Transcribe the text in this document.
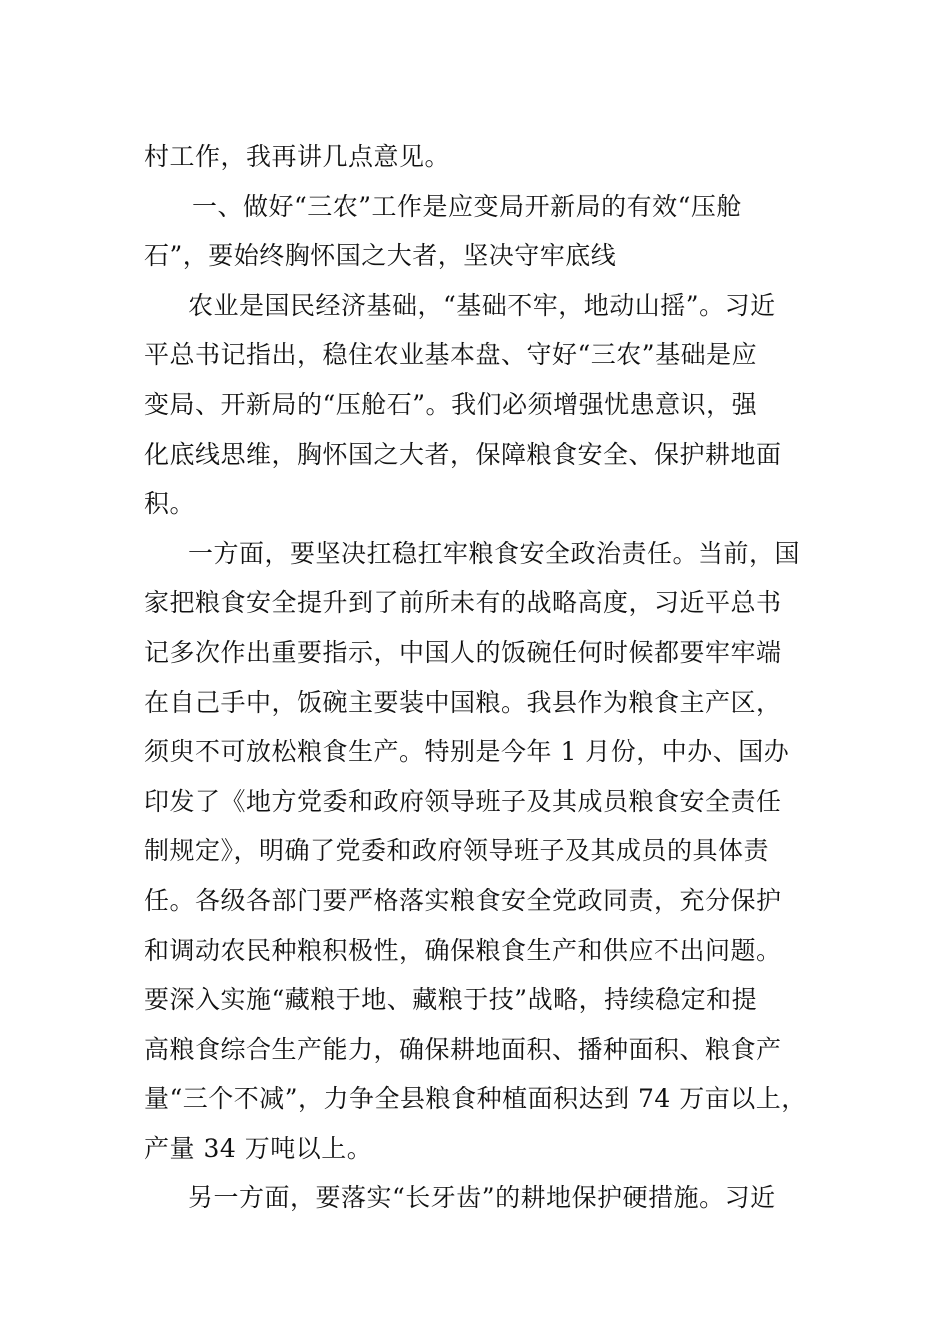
村工作，我再讲几点意见。
一、做好“三农”工作是应变局开新局的有效“压舱
石”，要始终胸怀国之大者，坚决守牢底线
农业是国民经济基础，“基础不牢，地动山摇”。习近
平总书记指出，稳住农业基本盘、守好“三农”基础是应
变局、开新局的“压舱石”。我们必须增强忧患意识，强
化底线思维，胸怀国之大者，保障粮食安全、保护耕地面
积。
一方面，要坚决扛稳扛牢粮食安全政治责任。当前，国
家把粮食安全提升到了前所未有的战略高度，习近平总书
记多次作出重要指示，中国人的饭碗任何时候都要牢牢端
在自己手中，饭碗主要装中国粮。我县作为粮食主产区，
须臾不可放松粮食生产。特别是今年 1 月份，中办、国办
印发了《地方党委和政府领导班子及其成员粮食安全责任
制规定》，明确了党委和政府领导班子及其成员的具体责
任。各级各部门要严格落实粮食安全党政同责，充分保护
和调动农民种粮积极性，确保粮食生产和供应不出问题。
要深入实施“藏粮于地、藏粮于技”战略，持续稳定和提
高粮食综合生产能力，确保耕地面积、播种面积、粮食产
量“三个不减”，力争全县粮食种植面积达到 74 万亩以上，
产量 34 万吨以上。
另一方面，要落实“长牙齿”的耕地保护硬措施。习近
